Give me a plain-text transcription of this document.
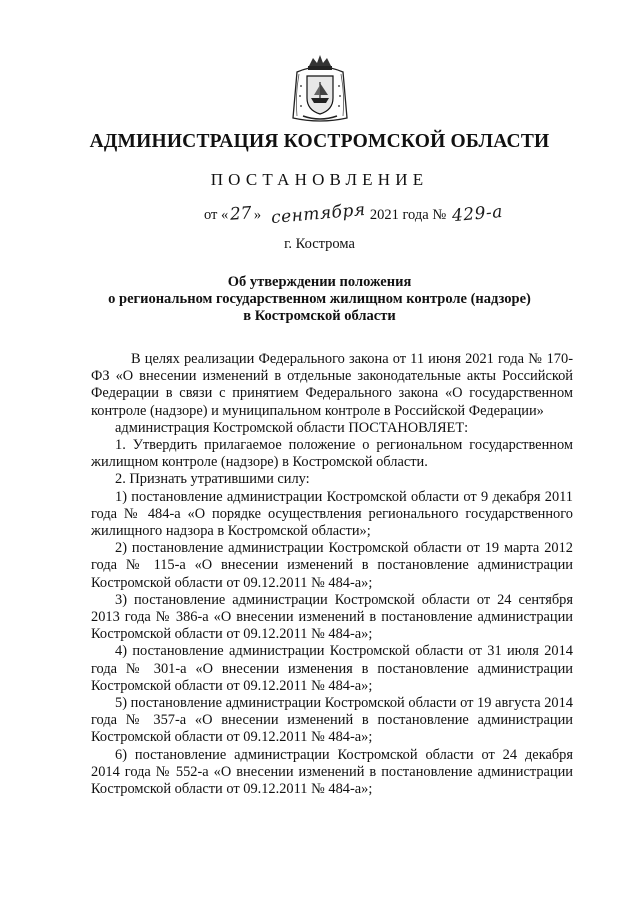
АДМИНИСТРАЦИЯ КОСТРОМСКОЙ ОБЛАСТИ
ПОСТАНОВЛЕНИЕ
от «27» сентября 2021 года № 429-а
г. Кострома
Об утверждении положения
о региональном государственном жилищном контроле (надзоре)
в Костромской области

В целях реализации Федерального закона от 11 июня 2021 года № 170-ФЗ «О внесении изменений в отдельные законодательные акты Российской Федерации в связи с принятием Федерального закона «О государственном контроле (надзоре) и муниципальном контроле в Российской Федерации»

администрация Костромской области ПОСТАНОВЛЯЕТ:

1. Утвердить прилагаемое положение о региональном государственном жилищном контроле (надзоре) в Костромской области.

2. Признать утратившими силу:

1) постановление администрации Костромской области от 9 декабря 2011 года № 484-а «О порядке осуществления регионального государственного жилищного надзора в Костромской области»;

2) постановление администрации Костромской области от 19 марта 2012 года № 115-а «О внесении изменений в постановление администрации Костромской области от 09.12.2011 № 484-а»;

3) постановление администрации Костромской области от 24 сентября 2013 года № 386-а «О внесении изменений в постановление администрации Костромской области от 09.12.2011 № 484-а»;

4) постановление администрации Костромской области от 31 июля 2014 года № 301-а «О внесении изменения в постановление администрации Костромской области от 09.12.2011 № 484-а»;

5) постановление администрации Костромской области от 19 августа 2014 года № 357-а «О внесении изменений в постановление администрации Костромской области от 09.12.2011 № 484-а»;

6) постановление администрации Костромской области от 24 декабря 2014 года № 552-а «О внесении изменений в постановление администрации Костромской области от 09.12.2011 № 484-а»;
